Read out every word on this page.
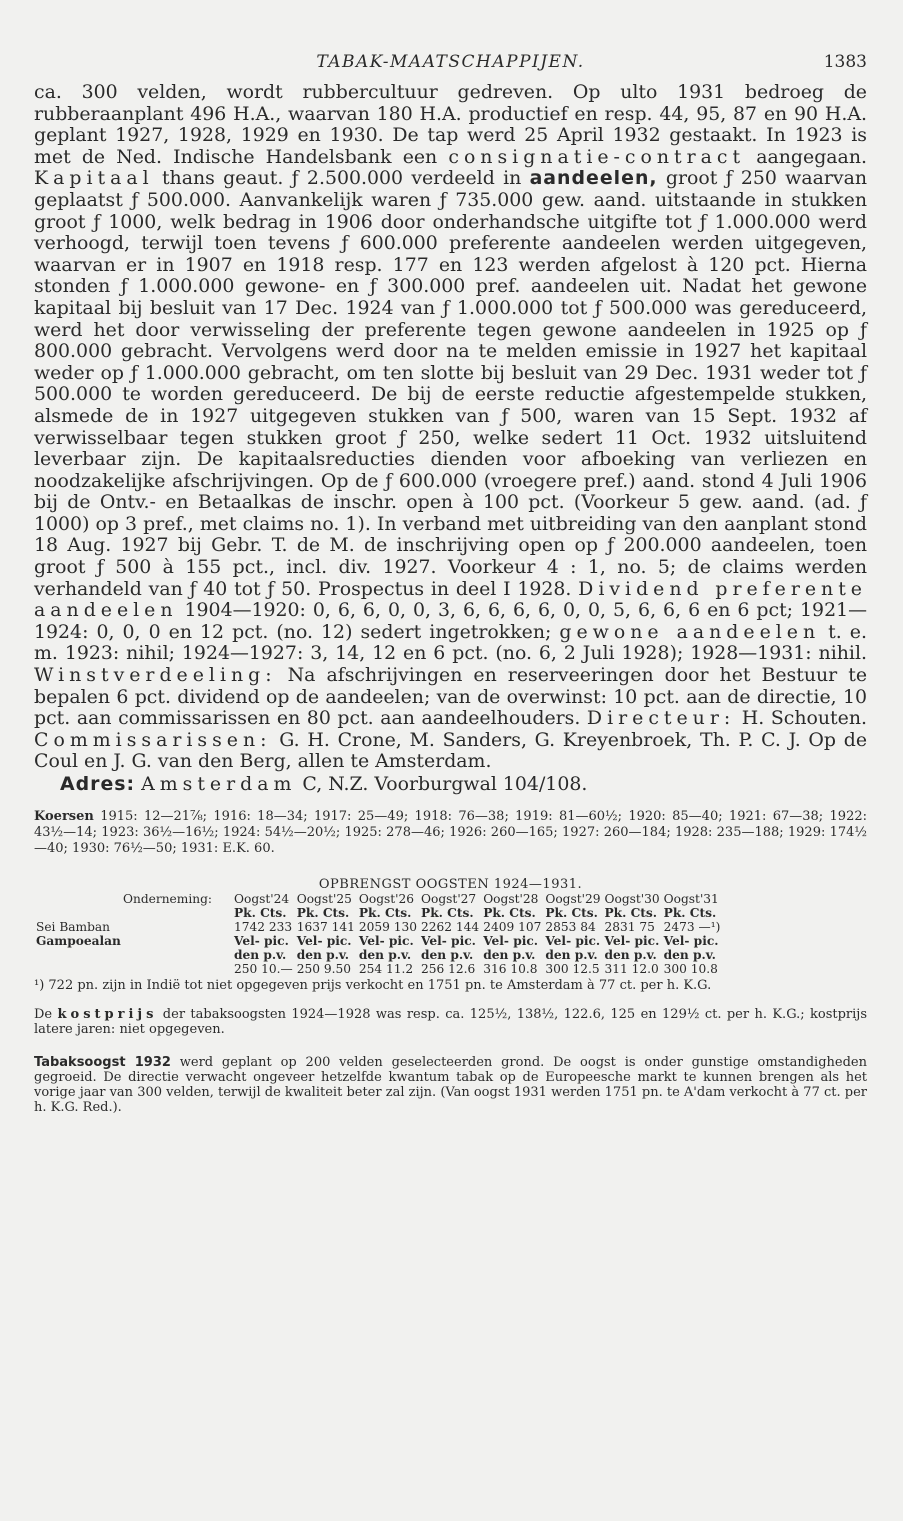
TABAK-MAATSCHAPPIJEN.	1383

ca. 300 velden, wordt rubbercultuur gedreven. Op ulto 1931 bedroeg de rubberaanplant 496 H.A., waarvan 180 H.A. productief en resp. 44, 95, 87 en 90 H.A. geplant 1927, 1928, 1929 en 1930. De tap werd 25 April 1932 gestaakt. In 1923 is met de Ned. Indische Handelsbank een consignatie-contract aangegaan. Kapitaal thans geaut. ƒ 2.500.000 verdeeld in aandeelen, groot ƒ 250 waarvan geplaatst ƒ 500.000. Aanvankelijk waren ƒ 735.000 gew. aand. uitstaande in stukken groot ƒ 1000, welk bedrag in 1906 door onderhandsche uitgifte tot ƒ 1.000.000 werd verhoogd, terwijl toen tevens ƒ 600.000 preferente aandeelen werden uitgegeven, waarvan er in 1907 en 1918 resp. 177 en 123 werden afgelost à 120 pct. Hierna stonden ƒ 1.000.000 gewone- en ƒ 300.000 pref. aandeelen uit. Nadat het gewone kapitaal bij besluit van 17 Dec. 1924 van ƒ 1.000.000 tot ƒ 500.000 was gereduceerd, werd het door verwisseling der preferente tegen gewone aandeelen in 1925 op ƒ 800.000 gebracht. Vervolgens werd door na te melden emissie in 1927 het kapitaal weder op ƒ 1.000.000 gebracht, om ten slotte bij besluit van 29 Dec. 1931 weder tot ƒ 500.000 te worden gereduceerd. De bij de eerste reductie afgestempelde stukken, alsmede de in 1927 uitgegeven stukken van ƒ 500, waren van 15 Sept. 1932 af verwisselbaar tegen stukken groot ƒ 250, welke sedert 11 Oct. 1932 uitsluitend leverbaar zijn. De kapitaalsreducties dienden voor afboeking van verliezen en noodzakelijke afschrijvingen. Op de ƒ 600.000 (vroegere pref.) aand. stond 4 Juli 1906 bij de Ontv.- en Betaalkas de inschr. open à 100 pct. (Voorkeur 5 gew. aand. (ad. ƒ 1000) op 3 pref., met claims no. 1). In verband met uitbreiding van den aanplant stond 18 Aug. 1927 bij Gebr. T. de M. de inschrijving open op ƒ 200.000 aandeelen, toen groot ƒ 500 à 155 pct., incl. div. 1927. Voorkeur 4 : 1, no. 5; de claims werden verhandeld van ƒ 40 tot ƒ 50. Prospectus in deel I 1928. Dividend preferente aandeelen 1904—1920: 0, 6, 6, 0, 0, 3, 6, 6, 6, 6, 0, 0, 5, 6, 6, 6 en 6 pct; 1921—1924: 0, 0, 0 en 12 pct. (no. 12) sedert ingetrokken; gewone aandeelen t. e. m. 1923: nihil; 1924—1927: 3, 14, 12 en 6 pct. (no. 6, 2 Juli 1928); 1928—1931: nihil. Winstverdeeling: Na afschrijvingen en reserveeringen door het Bestuur te bepalen 6 pct. dividend op de aandeelen; van de overwinst: 10 pct. aan de directie, 10 pct. aan commissarissen en 80 pct. aan aandeelhouders. Directeur: H. Schouten. Commissarissen: G. H. Crone, M. Sanders, G. Kreyenbroek, Th. P. C. J. Op de Coul en J. G. van den Berg, allen te Amsterdam.

Adres: Amsterdam C, N.Z. Voorburgwal 104/108.

Koersen 1915: 12—21⅞; 1916: 18—34; 1917: 25—49; 1918: 76—38; 1919: 81—60½; 1920: 85—40; 1921: 67—38; 1922: 43½—14; 1923: 36½—16½; 1924: 54½—20½; 1925: 278—46; 1926: 260—165; 1927: 260—184; 1928: 235—188; 1929: 174½—40; 1930: 76½—50; 1931: E.K. 60.
OPBRENGST OOGSTEN 1924—1931.
Onderneming:	Oogst'24	Oogst'25	Oogst'26	Oogst'27	Oogst'28	Oogst'29	Oogst'30	Oogst'31
	Pk. Cts.	Pk. Cts.	Pk. Cts.	Pk. Cts.	Pk. Cts.	Pk. Cts.	Pk. Cts.	Pk. Cts.
Sei Bamban	1742 233	1637 141	2059 130	2262 144	2409 107	2853 84	2831 75	2473 —¹)
Gampoealan	Vel- pic.	Vel- pic.	Vel- pic.	Vel- pic.	Vel- pic.	Vel- pic.	Vel- pic.	Vel- pic.
	den p.v.	den p.v.	den p.v.	den p.v.	den p.v.	den p.v.	den p.v.	den p.v.
	250 10.—	250 9.50	254 11.2	256 12.6	316 10.8	300 12.5	311 12.0	300 10.8
¹) 722 pn. zijn in Indië tot niet opgegeven prijs verkocht en 1751 pn. te Amsterdam à 77 ct. per h. K.G.
De kostprijs der tabaksoogsten 1924—1928 was resp. ca. 125½, 138½, 122.6, 125 en 129½ ct. per h. K.G.; kostprijs latere jaren: niet opgegeven.
Tabaksoogst 1932 werd geplant op 200 velden geselecteerden grond. De oogst is onder gunstige omstandigheden gegroeid. De directie verwacht ongeveer hetzelfde kwantum tabak op de Europeesche markt te kunnen brengen als het vorige jaar van 300 velden, terwijl de kwaliteit beter zal zijn. (Van oogst 1931 werden 1751 pn. te A'dam verkocht à 77 ct. per h. K.G. Red.).
